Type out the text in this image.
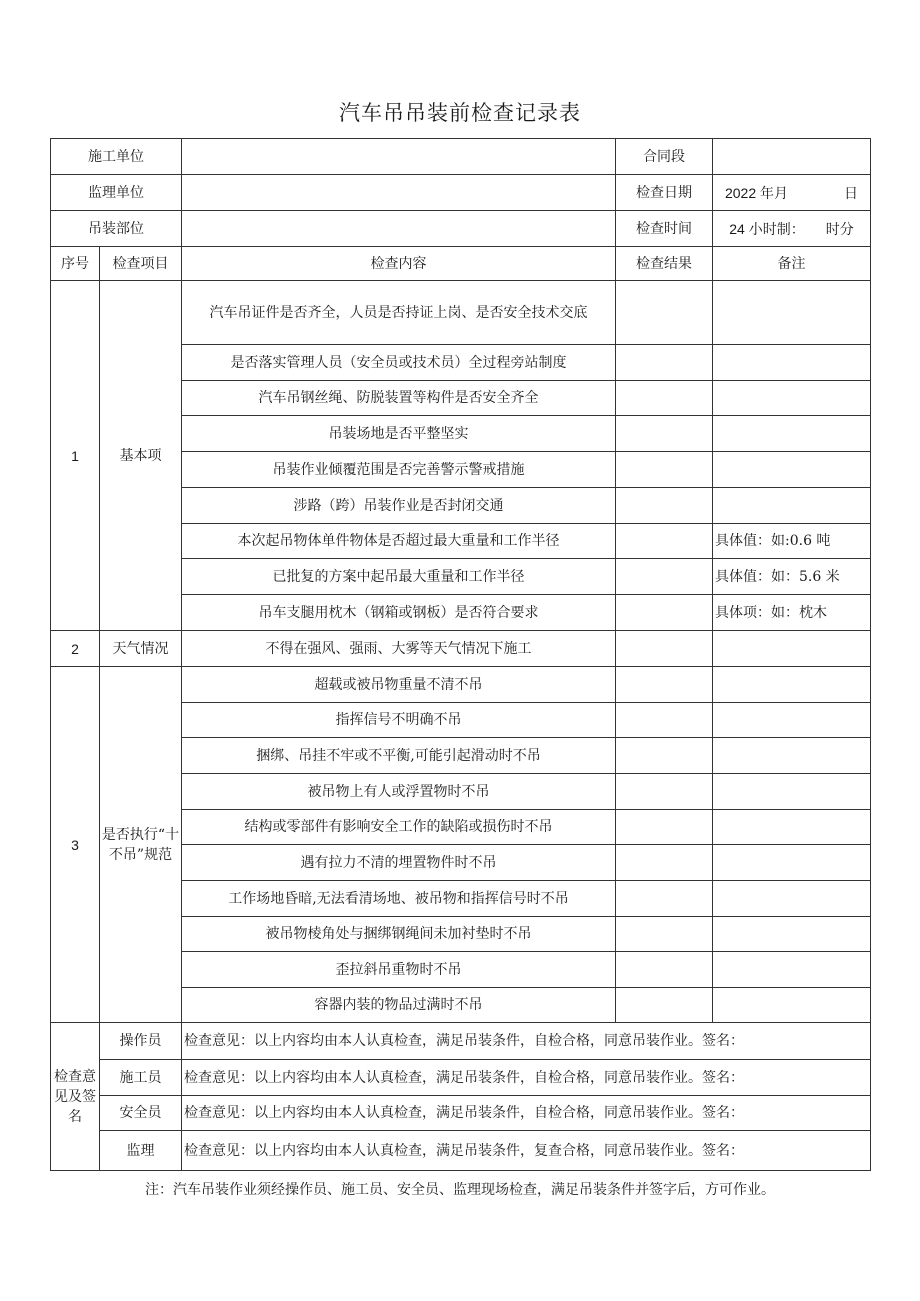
汽车吊吊装前检查记录表
施工单位			合同段	
监理单位			检查日期	2022 年月　　　　日
吊装部位			检查时间	24 小时制：　　时分
序号	检查项目	检查内容	检查结果	备注
1	基本项	汽车吊证件是否齐全，人员是否持证上岗、是否安全技术交底		
		是否落实管理人员（安全员或技术员）全过程旁站制度		
		汽车吊钢丝绳、防脱装置等构件是否安全齐全		
		吊装场地是否平整坚实		
		吊装作业倾覆范围是否完善警示警戒措施		
		涉路（跨）吊装作业是否封闭交通		
		本次起吊物体单件物体是否超过最大重量和工作半径		具体值：如:0.6 吨
		已批复的方案中起吊最大重量和工作半径		具体值：如：5.6 米
		吊车支腿用枕木（钢箱或钢板）是否符合要求		具体项：如：枕木
2	天气情况	不得在强风、强雨、大雾等天气情况下施工		
3	是否执行“十不吊”规范	超载或被吊物重量不清不吊		
		指挥信号不明确不吊		
		捆绑、吊挂不牢或不平衡,可能引起滑动时不吊		
		被吊物上有人或浮置物时不吊		
		结构或零部件有影响安全工作的缺陷或损伤时不吊		
		遇有拉力不清的埋置物件时不吊		
		工作场地昏暗,无法看清场地、被吊物和指挥信号时不吊		
		被吊物棱角处与捆绑钢绳间未加衬垫时不吊		
		歪拉斜吊重物时不吊		
		容器内装的物品过满时不吊		
检查意见及签名	操作员	检查意见：以上内容均由本人认真检查，满足吊装条件，自检合格，同意吊装作业。签名：		
	施工员	检查意见：以上内容均由本人认真检查，满足吊装条件，自检合格，同意吊装作业。签名：		
	安全员	检查意见：以上内容均由本人认真检查，满足吊装条件，自检合格，同意吊装作业。签名：		
	监理	检查意见：以上内容均由本人认真检查，满足吊装条件，复查合格，同意吊装作业。签名：		
注：汽车吊装作业须经操作员、施工员、安全员、监理现场检查，满足吊装条件并签字后，方可作业。
